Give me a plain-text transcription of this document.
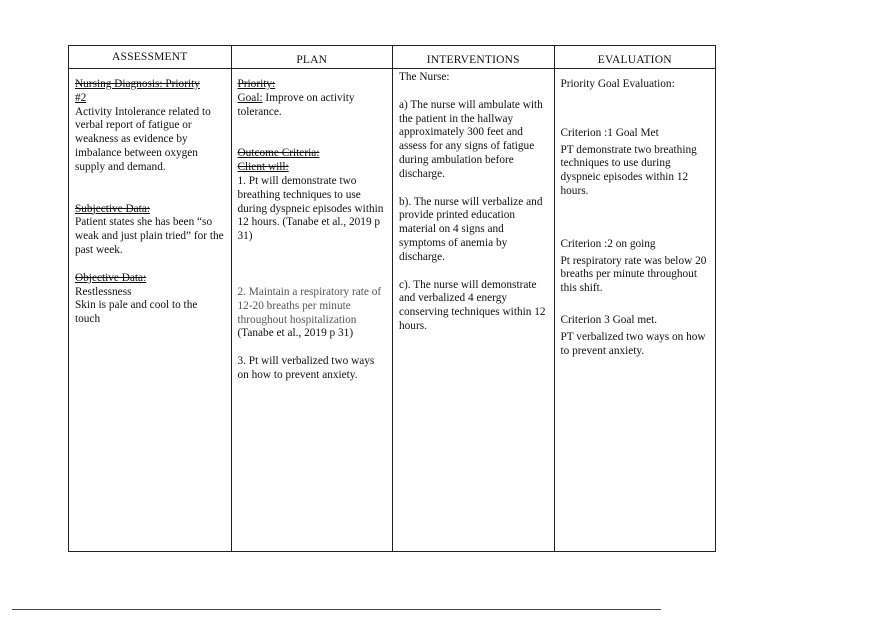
ASSESSMENT

Nursing Diagnosis: Priority

#2

Activity Intolerance related to verbal report of fatigue or weakness as evidence by imbalance between oxygen supply and demand.

Subjective Data:

Patient states she has been “so weak and just plain tried” for the past week.

Objective Data:

Restlessness

Skin is pale and cool to the touch

PLAN

Priority:

Goal: Improve on activity tolerance.

Outcome Criteria:

Client will:

1. Pt will demonstrate two breathing techniques to use during dyspneic episodes within 12 hours. (Tanabe et al., 2019 p 31)

2. Maintain a respiratory rate of 12-20 breaths per minute throughout hospitalization

(Tanabe et al., 2019 p 31)

3. Pt will verbalized two ways on how to prevent anxiety.

INTERVENTIONS

The Nurse:

a) The nurse will ambulate with the patient in the hallway approximately 300 feet and assess for any signs of fatigue during ambulation before discharge.

b). The nurse will verbalize and provide printed education material on 4 signs and symptoms of anemia by discharge.

c). The nurse will demonstrate and verbalized 4 energy conserving techniques within 12 hours.

EVALUATION

Priority Goal Evaluation:

Criterion :1 Goal Met

PT demonstrate two breathing techniques to use during dyspneic episodes within 12 hours.

Criterion :2 on going

Pt respiratory rate was below 20 breaths per minute throughout this shift.

Criterion 3 Goal met.

PT verbalized two ways on how to prevent anxiety.
